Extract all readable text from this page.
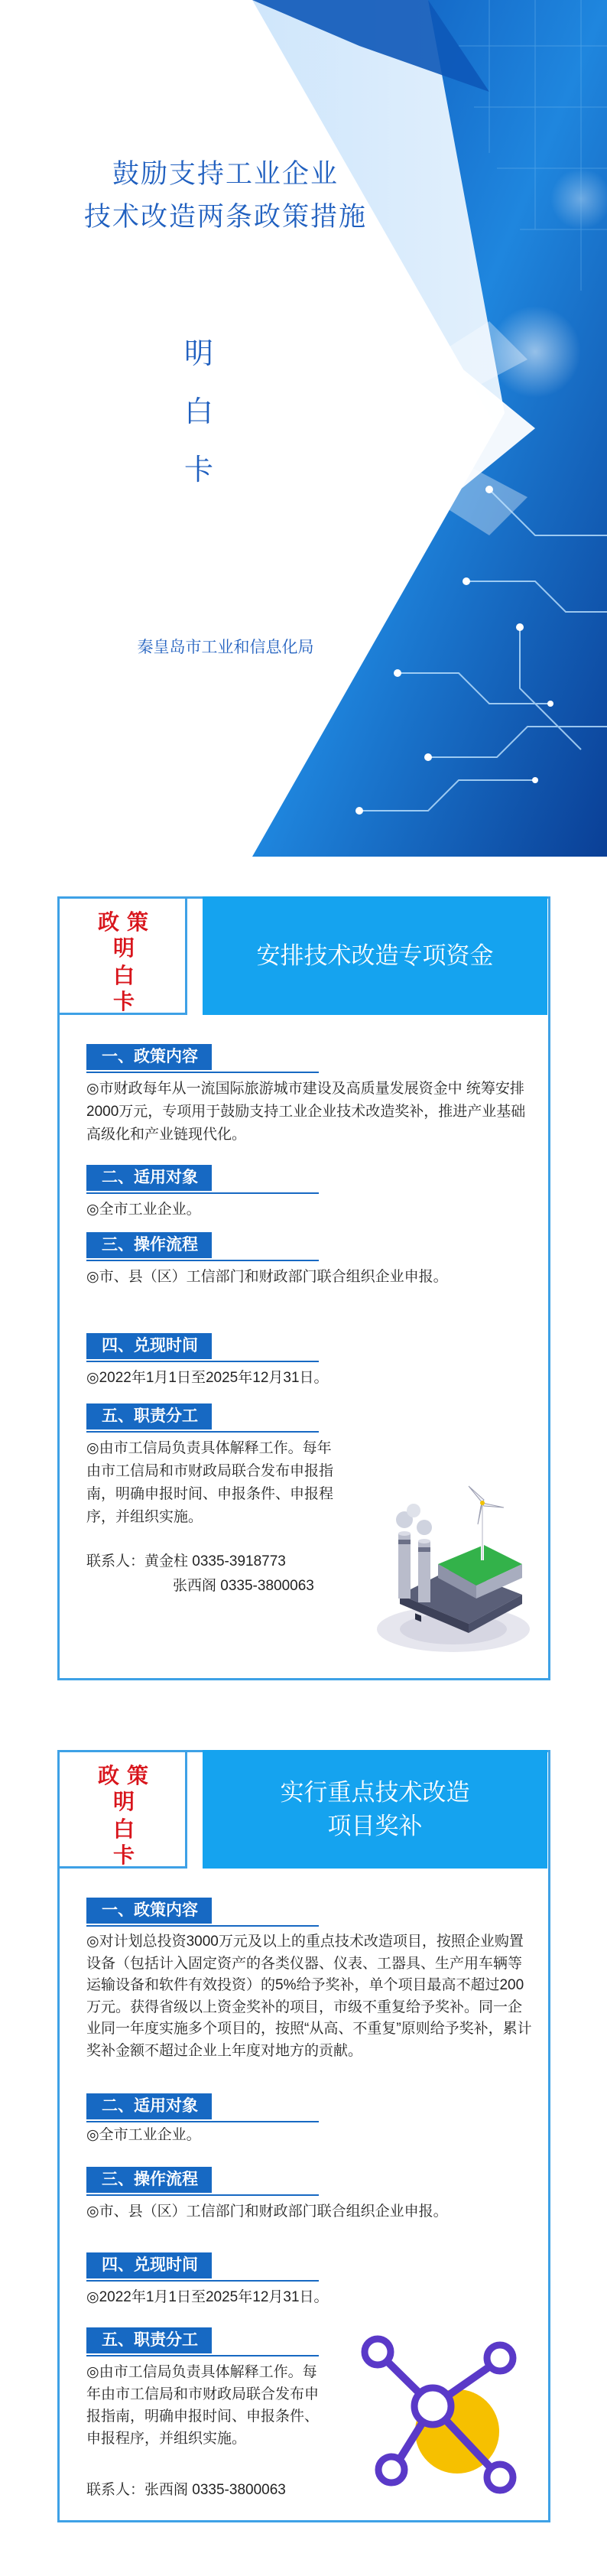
鼓励支持工业企业
技术改造两条政策措施
明
白
卡
秦皇岛市工业和信息化局
政 策
明
白
卡
安排技术改造专项资金
一、政策内容
◎市财政每年从一流国际旅游城市建设及高质量发展资金中 统筹安排2000万元，专项用于鼓励支持工业企业技术改造奖补，推进产业基础高级化和产业链现代化。
二、适用对象
◎全市工业企业。
三、操作流程
◎市、县（区）工信部门和财政部门联合组织企业申报。
四、兑现时间
◎2022年1月1日至2025年12月31日。
五、职责分工
◎由市工信局负责具体解释工作。每年由市工信局和市财政局联合发布申报指南，明确申报时间、申报条件、申报程序，并组织实施。
联系人：黄金柱 0335-3918773
张西阁 0335-3800063
政 策
明
白
卡
实行重点技术改造
项目奖补
一、政策内容
◎对计划总投资3000万元及以上的重点技术改造项目，按照企业购置设备（包括计入固定资产的各类仪器、仪表、工器具、生产用车辆等运输设备和软件有效投资）的5%给予奖补，单个项目最高不超过200万元。获得省级以上资金奖补的项目，市级不重复给予奖补。同一企业同一年度实施多个项目的，按照“从高、不重复”原则给予奖补，累计奖补金额不超过企业上年度对地方的贡献。
二、适用对象
◎全市工业企业。
三、操作流程
◎市、县（区）工信部门和财政部门联合组织企业申报。
四、兑现时间
◎2022年1月1日至2025年12月31日。
五、职责分工
◎由市工信局负责具体解释工作。每年由市工信局和市财政局联合发布申报指南，明确申报时间、申报条件、申报程序，并组织实施。
联系人：张西阁 0335-3800063
